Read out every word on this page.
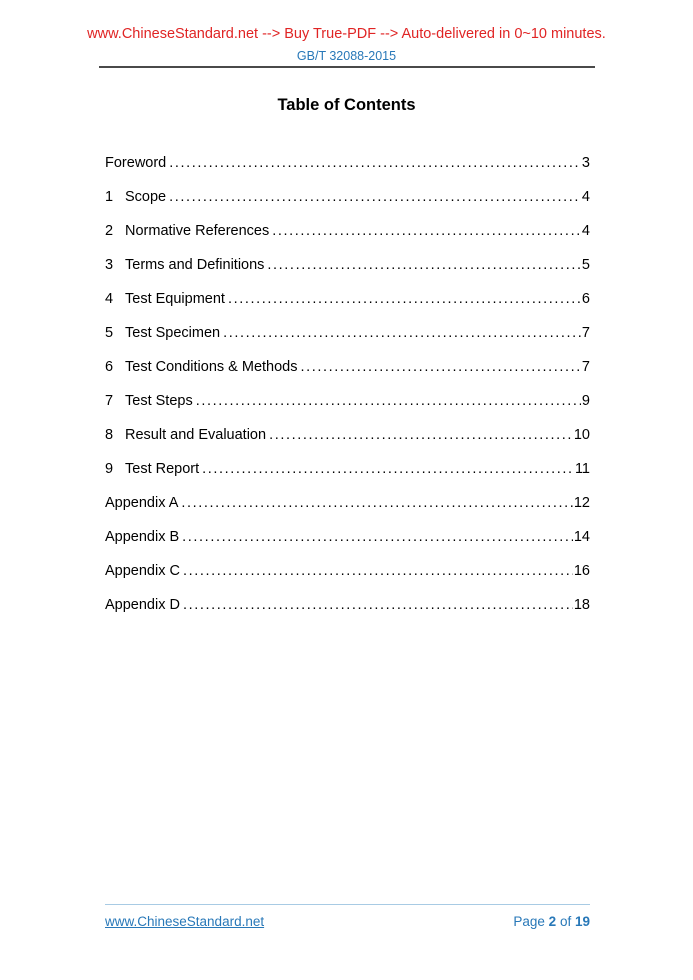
www.ChineseStandard.net --> Buy True-PDF --> Auto-delivered in 0~10 minutes.
GB/T 32088-2015
Table of Contents
Foreword .....	3
1 Scope .....	4
2 Normative References .....	4
3 Terms and Definitions .....	5
4 Test Equipment .....	6
5 Test Specimen .....	7
6 Test Conditions & Methods .....	7
7 Test Steps .....	9
8 Result and Evaluation .....	10
9 Test Report .....	11
Appendix A .....	12
Appendix B .....	14
Appendix C .....	16
Appendix D .....	18
www.ChineseStandard.net	Page 2 of 19
